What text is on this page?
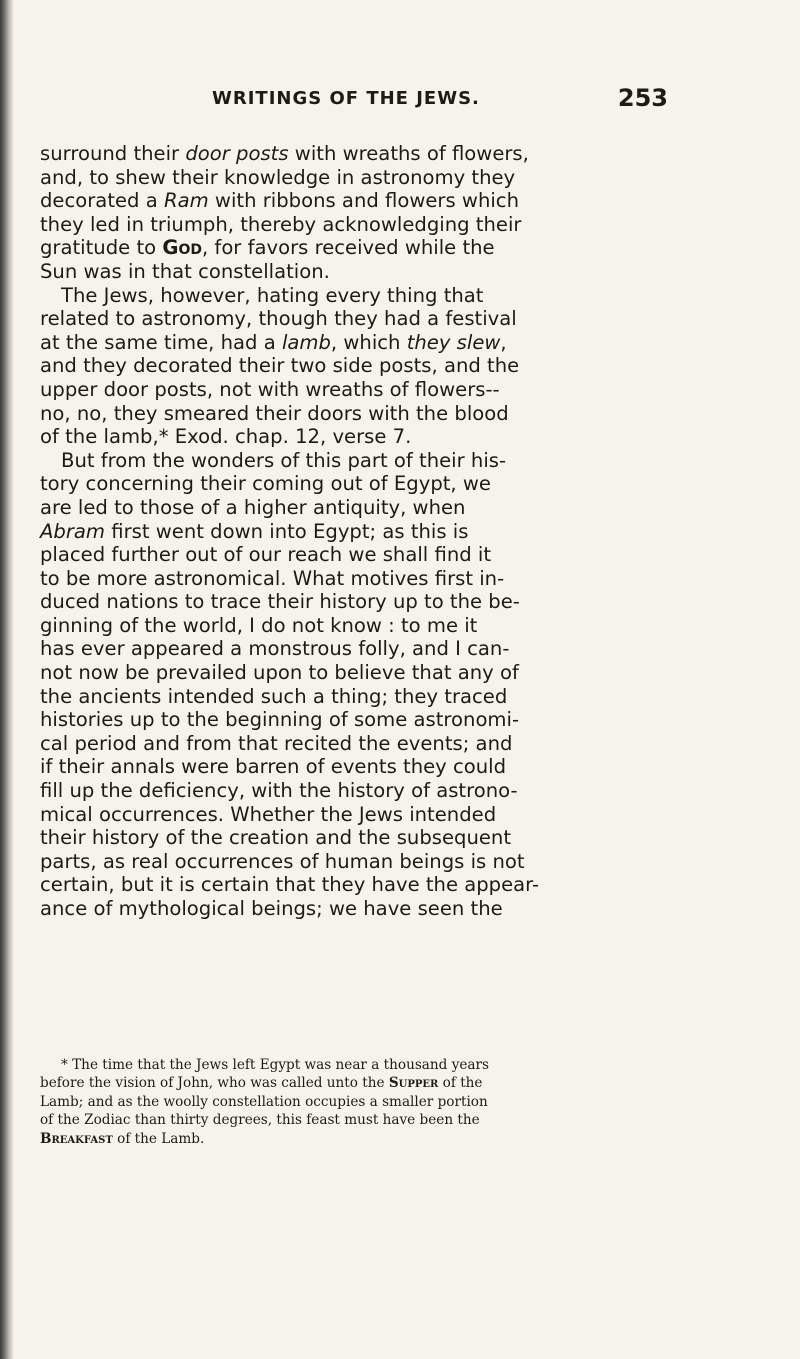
WRITINGS OF THE JEWS.	253
surround their door posts with wreaths of flowers,
and, to shew their knowledge in astronomy they
decorated a Ram with ribbons and flowers which
they led in triumph, thereby acknowledging their
gratitude to God, for favors received while the
Sun was in that constellation.
The Jews, however, hating every thing that
related to astronomy, though they had a festival
at the same time, had a lamb, which they slew,
and they decorated their two side posts, and the
upper door posts, not with wreaths of flowers--
no, no, they smeared their doors with the blood
of the lamb,* Exod. chap. 12, verse 7.
But from the wonders of this part of their his-
tory concerning their coming out of Egypt, we
are led to those of a higher antiquity, when
Abram first went down into Egypt; as this is
placed further out of our reach we shall find it
to be more astronomical. What motives first in-
duced nations to trace their history up to the be-
ginning of the world, I do not know : to me it
has ever appeared a monstrous folly, and I can-
not now be prevailed upon to believe that any of
the ancients intended such a thing; they traced
histories up to the beginning of some astronomi-
cal period and from that recited the events; and
if their annals were barren of events they could
fill up the deficiency, with the history of astrono-
mical occurrences. Whether the Jews intended
their history of the creation and the subsequent
parts, as real occurrences of human beings is not
certain, but it is certain that they have the appear-
ance of mythological beings; we have seen the
* The time that the Jews left Egypt was near a thousand years
before the vision of John, who was called unto the Supper of the
Lamb; and as the woolly constellation occupies a smaller portion
of the Zodiac than thirty degrees, this feast must have been the
Breakfast of the Lamb.
